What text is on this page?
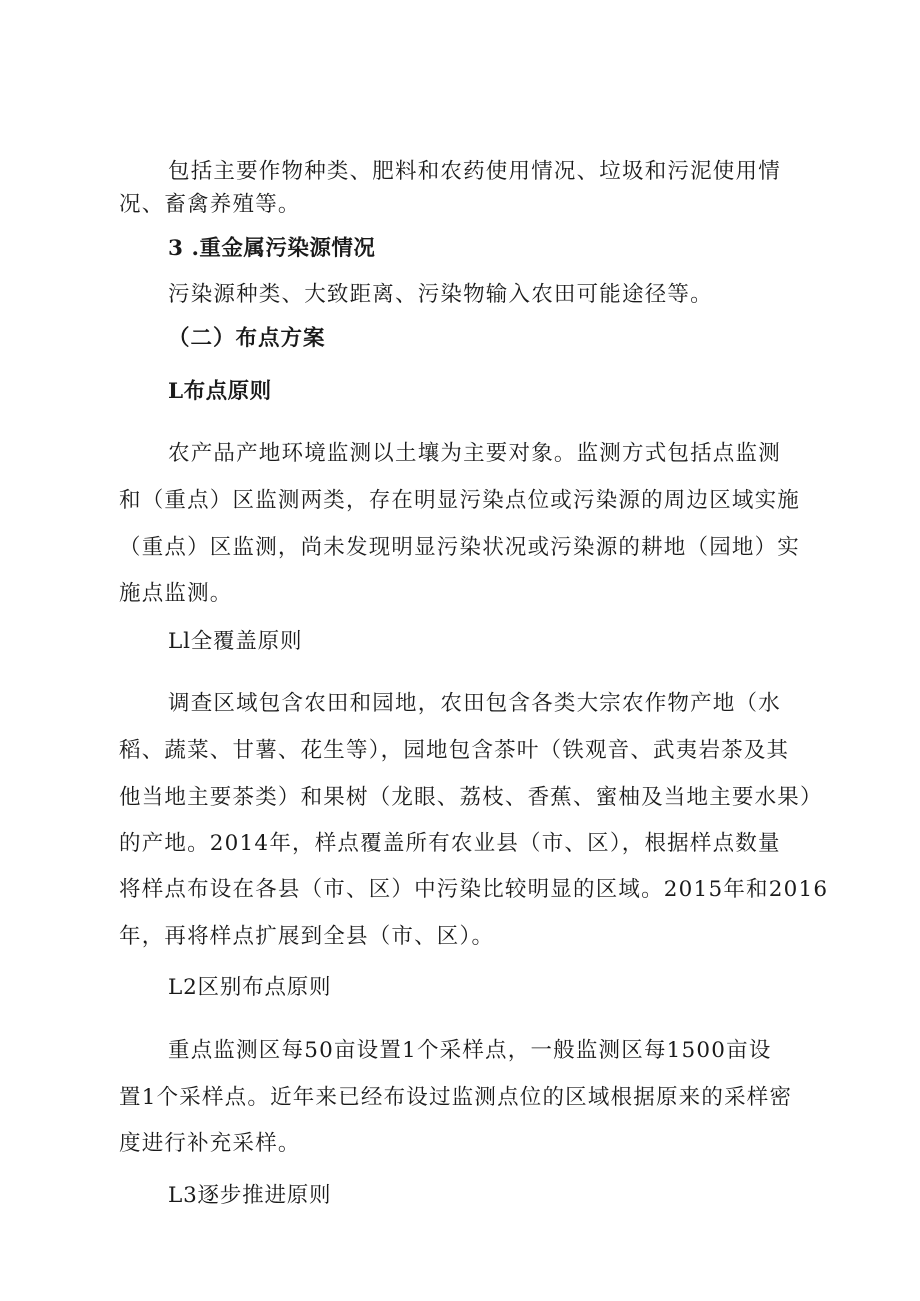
包括主要作物种类、肥料和农药使用情况、垃圾和污泥使用情
况、畜禽养殖等。
3 .重金属污染源情况
污染源种类、大致距离、污染物输入农田可能途径等。
（二）布点方案
L布点原则
农产品产地环境监测以土壤为主要对象。监测方式包括点监测
和（重点）区监测两类，存在明显污染点位或污染源的周边区域实施
（重点）区监测，尚未发现明显污染状况或污染源的耕地（园地）实
施点监测。
Ll全覆盖原则
调查区域包含农田和园地，农田包含各类大宗农作物产地（水
稻、蔬菜、甘薯、花生等），园地包含茶叶（铁观音、武夷岩茶及其
他当地主要茶类）和果树（龙眼、荔枝、香蕉、蜜柚及当地主要水果）
的产地。2014年，样点覆盖所有农业县（市、区），根据样点数量
将样点布设在各县（市、区）中污染比较明显的区域。2015年和2016
年，再将样点扩展到全县（市、区）。
L2区别布点原则
重点监测区每50亩设置1个采样点，一般监测区每1500亩设
置1个采样点。近年来已经布设过监测点位的区域根据原来的采样密
度进行补充采样。
L3逐步推进原则
